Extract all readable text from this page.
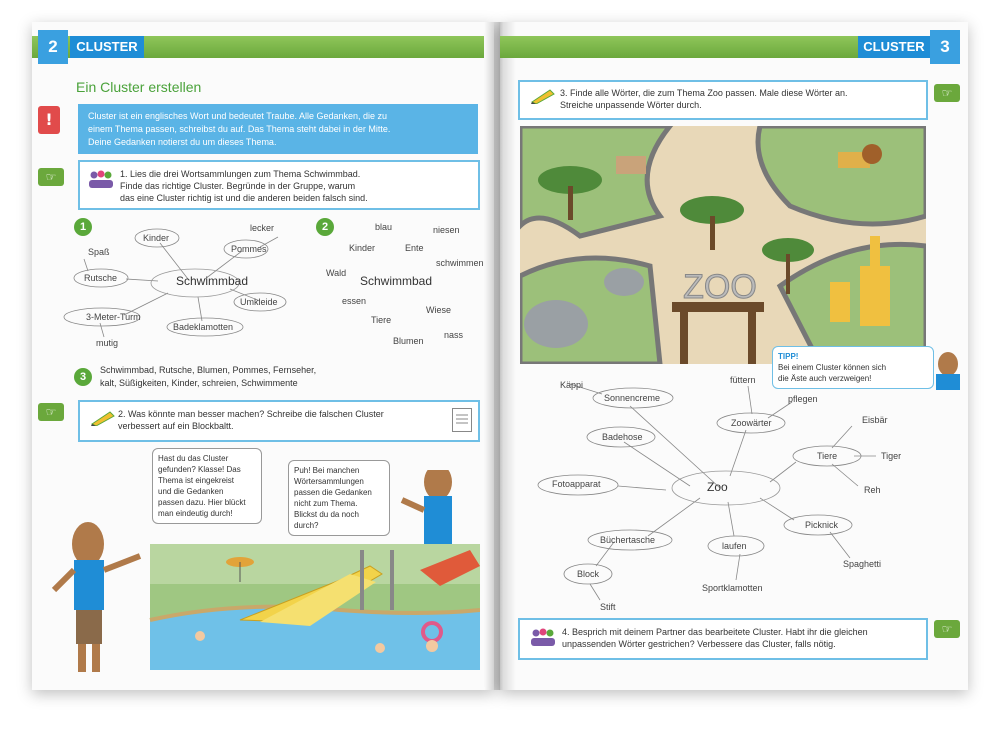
2	CLUSTER	CLUSTER 3
Ein Cluster erstellen
!	Cluster ist ein englisches Wort und bedeutet Traube. Alle Gedanken, die zu
einem Thema passen, schreibst du auf. Das Thema steht dabei in der Mitte.
Deine Gedanken notierst du um dieses Thema.
☞	1. Lies die drei Wortsammlungen zum Thema Schwimmbad.
Finde das richtige Cluster. Begründe in der Gruppe, warum
das eine Cluster richtig ist und die anderen beiden falsch sind.
1
Schwimmbad
Kinder
Pommes
Rutsche
Umkleide
3-Meter-Turm
Badeklamotten
lecker
Spaß
mutig
2
Schwimmbad
blau	niesen
Kinder	Ente
schwimmen
Wald
essen
Wiese
Tiere
nass
Blumen
3
Schwimmbad, Rutsche, Blumen, Pommes, Fernseher,
kalt, Süßigkeiten, Kinder, schreien, Schwimmente
☞	2. Was könnte man besser machen? Schreibe die falschen Cluster
verbessert auf ein Blockbaltt.
Hast du das Cluster
gefunden? Klasse! Das
Thema ist eingekreist
und die Gedanken
passen dazu. Hier blückt
man eindeutig durch!
Puh! Bei manchen
Wörtersammlungen
passen die Gedanken
nicht zum Thema.
Blickst du da noch
durch?
3. Finde alle Wörter, die zum Thema Zoo passen. Male diese Wörter an.
Streiche unpassende Wörter durch.
☞
ZOO
TIPP!
Bei einem Cluster können sich
die Äste auch verzweigen!
Zoo
Sonnencreme
Zoowärter
Badehose
Tiere
Fotoapparat
Picknick
Büchertasche
laufen
Block
Käppi	füttern
pflegen
Eisbär
Tiger
Reh
Spaghetti
Sportklamotten
Stift
4. Besprich mit deinem Partner das bearbeitete Cluster. Habt ihr die gleichen
unpassenden Wörter gestrichen? Verbessere das Cluster, falls nötig.
☞
